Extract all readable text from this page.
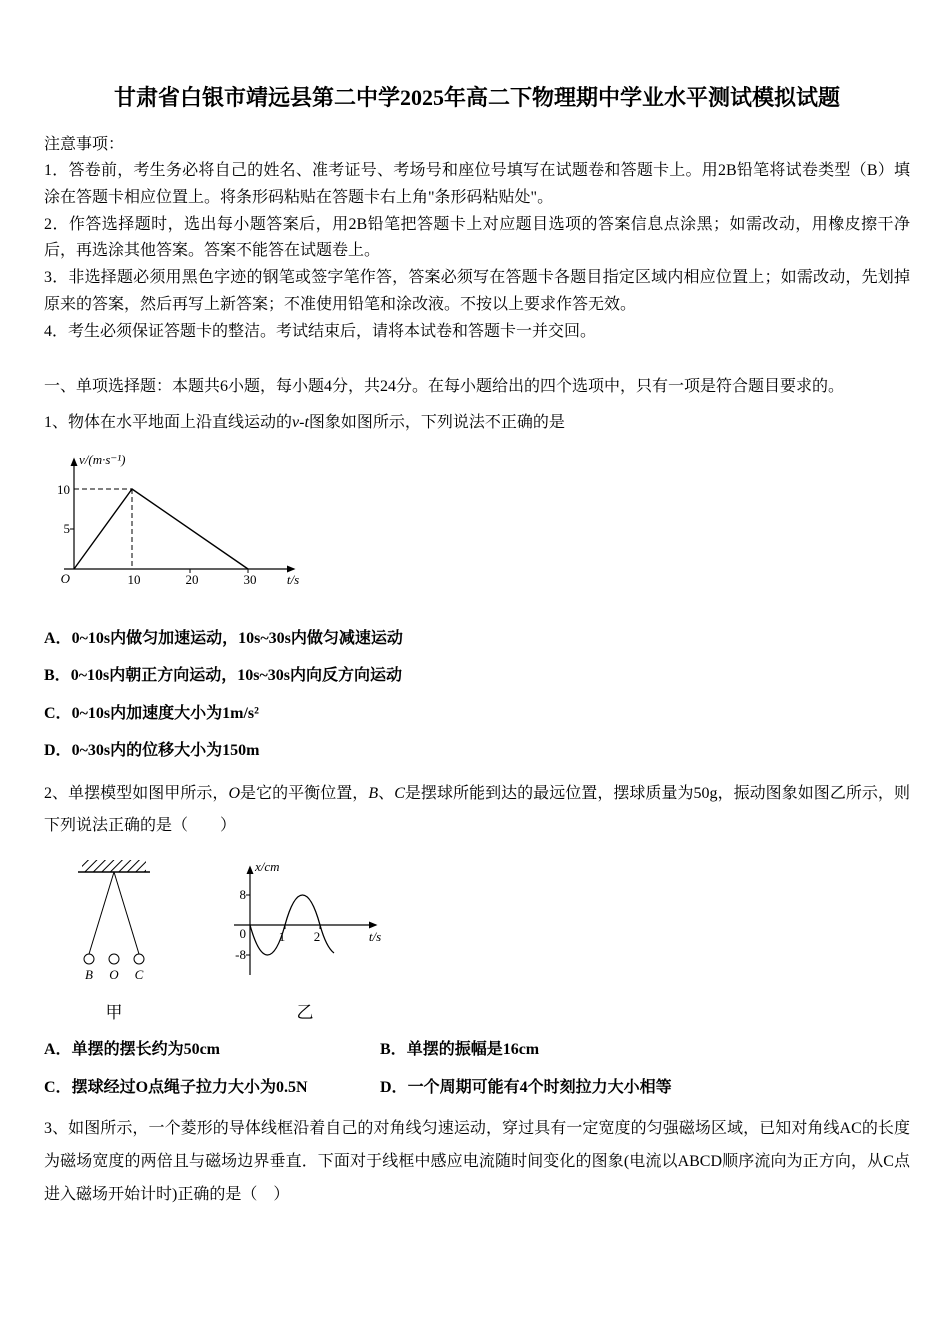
甘肃省白银市靖远县第二中学2025年高二下物理期中学业水平测试模拟试题

注意事项：

1．答卷前，考生务必将自己的姓名、准考证号、考场号和座位号填写在试题卷和答题卡上。用2B铅笔将试卷类型（B）填涂在答题卡相应位置上。将条形码粘贴在答题卡右上角"条形码粘贴处"。

2．作答选择题时，选出每小题答案后，用2B铅笔把答题卡上对应题目选项的答案信息点涂黑；如需改动，用橡皮擦干净后，再选涂其他答案。答案不能答在试题卷上。

3．非选择题必须用黑色字迹的钢笔或签字笔作答，答案必须写在答题卡各题目指定区域内相应位置上；如需改动，先划掉原来的答案，然后再写上新答案；不准使用铅笔和涂改液。不按以上要求作答无效。

4．考生必须保证答题卡的整洁。考试结束后，请将本试卷和答题卡一并交回。

一、单项选择题：本题共6小题，每小题4分，共24分。在每小题给出的四个选项中，只有一项是符合题目要求的。

1、物体在水平地面上沿直线运动的v-t图象如图所示，下列说法不正确的是

v/(m·s⁻¹)
10
5
O	10	20	30 t/s

A．0~10s内做匀加速运动，10s~30s内做匀减速运动

B．0~10s内朝正方向运动，10s~30s内向反方向运动

C．0~10s内加速度大小为1m/s²

D．0~30s内的位移大小为150m

2、单摆模型如图甲所示，O是它的平衡位置，B、C是摆球所能到达的最远位置，摆球质量为50g，振动图象如图乙所示，则下列说法正确的是（　　）

B O C
甲
x/cm
8
0
-8
1 2	t/s
乙

A．单摆的摆长约为50cm	B．单摆的振幅是16cm

C．摆球经过O点绳子拉力大小为0.5N	D．一个周期可能有4个时刻拉力大小相等

3、如图所示，一个菱形的导体线框沿着自己的对角线匀速运动，穿过具有一定宽度的匀强磁场区域，已知对角线AC的长度为磁场宽度的两倍且与磁场边界垂直．下面对于线框中感应电流随时间变化的图象(电流以ABCD顺序流向为正方向，从C点进入磁场开始计时)正确的是（　）
